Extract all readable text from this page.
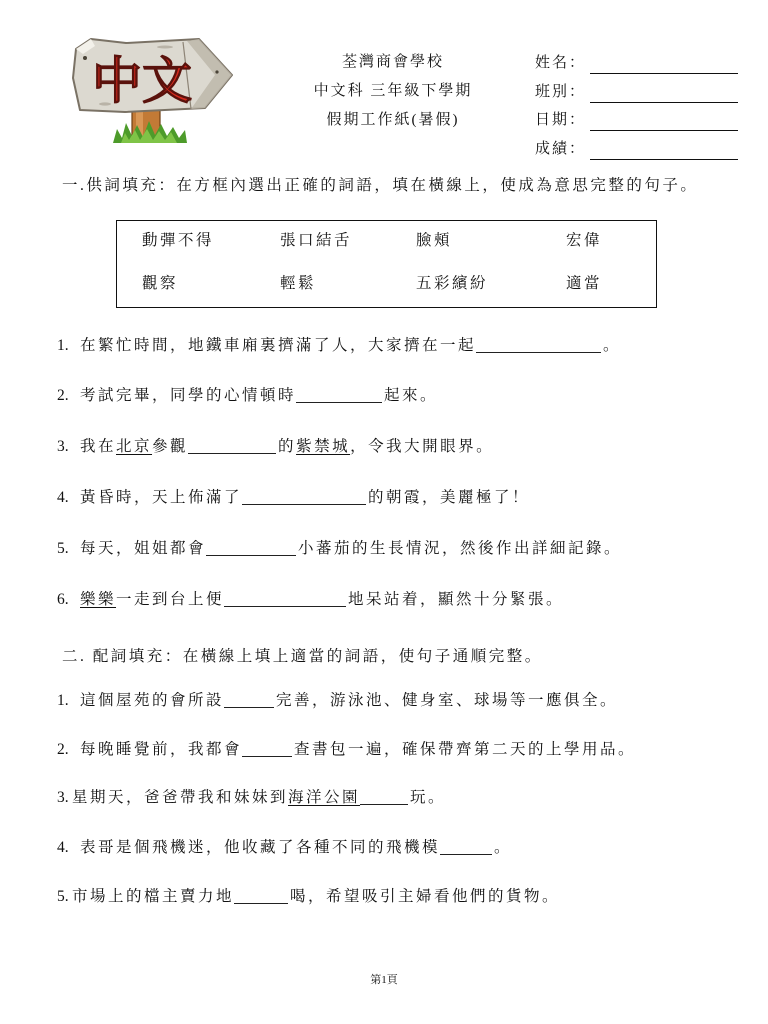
中文	荃灣商會學校
中文科 三年級下學期
假期工作紙(暑假)
姓名：
班別：
日期：
成績：
一.供詞填充：在方框內選出正確的詞語，填在橫線上，使成為意思完整的句子。
動彈不得	張口結舌	臉頰	宏偉
觀察	輕鬆	五彩繽紛	適當
1. 在繁忙時間，地鐵車廂裏擠滿了人，大家擠在一起	。
2. 考試完畢，同學的心情頓時	起來。
3. 我在 北京 參觀	的 紫禁城 ，令我大開眼界。
4. 黃昏時，天上佈滿了	的朝霞，美麗極了！
5. 每天，姐姐都會	小蕃茄的生長情況，然後作出詳細記錄。
6. 樂樂 一走到台上便	地呆站着，顯然十分緊張。
二. 配詞填充：在橫線上填上適當的詞語，使句子通順完整。
1. 這個屋苑的會所設	完善，游泳池、健身室、球場等一應俱全。
2. 每晚睡覺前，我都會	查書包一遍，確保帶齊第二天的上學用品。
3. 星期天，爸爸帶我和妹妹到 海洋公園	玩。
4. 表哥是個飛機迷，他收藏了各種不同的飛機模	。
5. 市場上的檔主賣力地	喝，希望吸引主婦看他們的貨物。
第1頁
